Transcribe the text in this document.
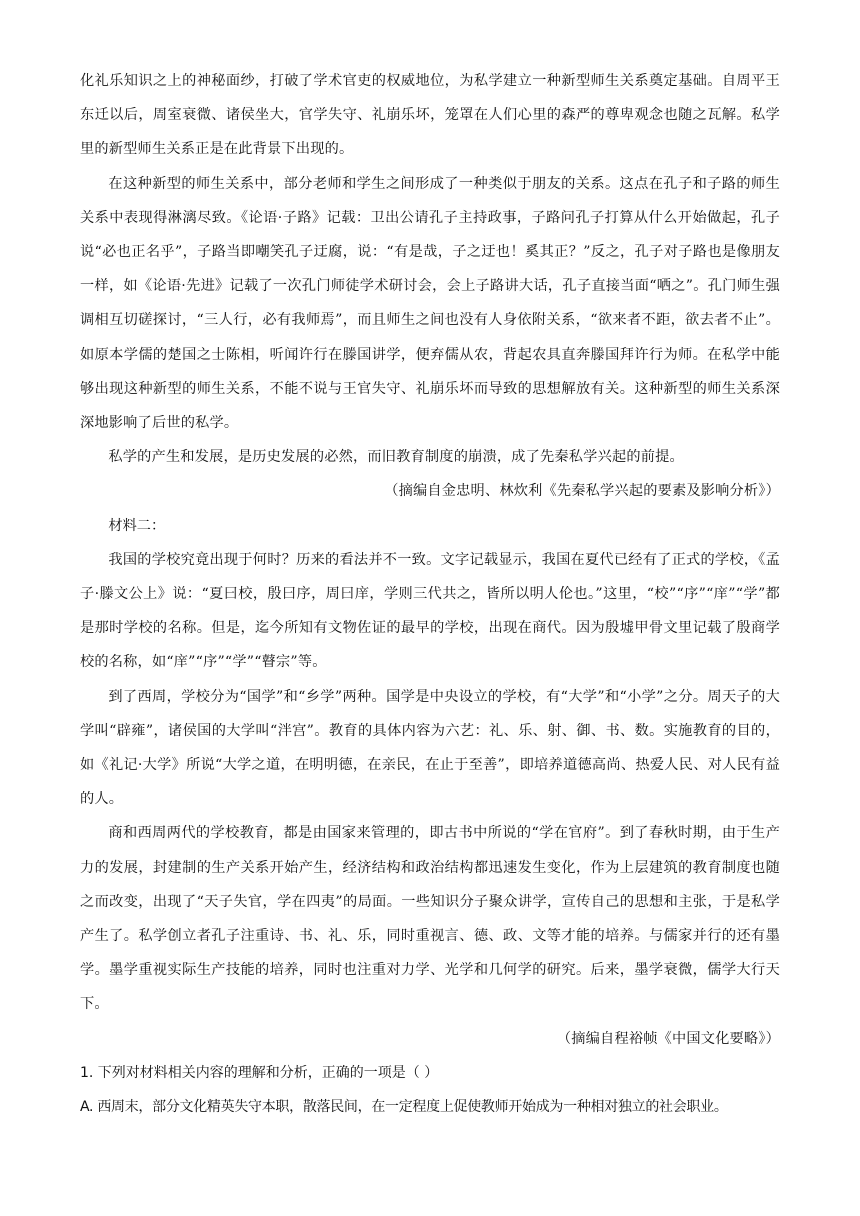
化礼乐知识之上的神秘面纱，打破了学术官吏的权威地位，为私学建立一种新型师生关系奠定基础。自周平王东迁以后，周室衰微、诸侯坐大，官学失守、礼崩乐坏，笼罩在人们心里的森严的尊卑观念也随之瓦解。私学里的新型师生关系正是在此背景下出现的。

在这种新型的师生关系中，部分老师和学生之间形成了一种类似于朋友的关系。这点在孔子和子路的师生关系中表现得淋漓尽致。《论语·子路》记载：卫出公请孔子主持政事，子路问孔子打算从什么开始做起，孔子说“必也正名乎”，子路当即嘲笑孔子迂腐，说：“有是哉，子之迂也！奚其正？”反之，孔子对子路也是像朋友一样，如《论语·先进》记载了一次孔门师徒学术研讨会，会上子路讲大话，孔子直接当面“哂之”。孔门师生强调相互切磋探讨，“三人行，必有我师焉”，而且师生之间也没有人身依附关系，“欲来者不距，欲去者不止”。如原本学儒的楚国之士陈相，听闻许行在滕国讲学，便弃儒从农，背起农具直奔滕国拜许行为师。在私学中能够出现这种新型的师生关系，不能不说与王官失守、礼崩乐坏而导致的思想解放有关。这种新型的师生关系深深地影响了后世的私学。

私学的产生和发展，是历史发展的必然，而旧教育制度的崩溃，成了先秦私学兴起的前提。

（摘编自金忠明、林炊利《先秦私学兴起的要素及影响分析》）

材料二：

我国的学校究竟出现于何时？历来的看法并不一致。文字记载显示，我国在夏代已经有了正式的学校，《孟子·滕文公上》说：“夏曰校，殷曰序，周曰庠，学则三代共之，皆所以明人伦也。”这里，“校”“序”“庠”“学”都是那时学校的名称。但是，迄今所知有文物佐证的最早的学校，出现在商代。因为殷墟甲骨文里记载了殷商学校的名称，如“庠”“序”“学”“瞽宗”等。

到了西周，学校分为“国学”和“乡学”两种。国学是中央设立的学校，有“大学”和“小学”之分。周天子的大学叫“辟雍”，诸侯国的大学叫“泮宫”。教育的具体内容为六艺：礼、乐、射、御、书、数。实施教育的目的，如《礼记·大学》所说“大学之道，在明明德，在亲民，在止于至善”，即培养道德高尚、热爱人民、对人民有益的人。

商和西周两代的学校教育，都是由国家来管理的，即古书中所说的“学在官府”。到了春秋时期，由于生产力的发展，封建制的生产关系开始产生，经济结构和政治结构都迅速发生变化，作为上层建筑的教育制度也随之而改变，出现了“天子失官，学在四夷”的局面。一些知识分子聚众讲学，宣传自己的思想和主张，于是私学产生了。私学创立者孔子注重诗、书、礼、乐，同时重视言、德、政、文等才能的培养。与儒家并行的还有墨学。墨学重视实际生产技能的培养，同时也注重对力学、光学和几何学的研究。后来，墨学衰微，儒学大行天下。

（摘编自程裕帧《中国文化要略》）

1. 下列对材料相关内容的理解和分析，正确的一项是（ ）

A. 西周末，部分文化精英失守本职，散落民间，在一定程度上促使教师开始成为一种相对独立的社会职业。
